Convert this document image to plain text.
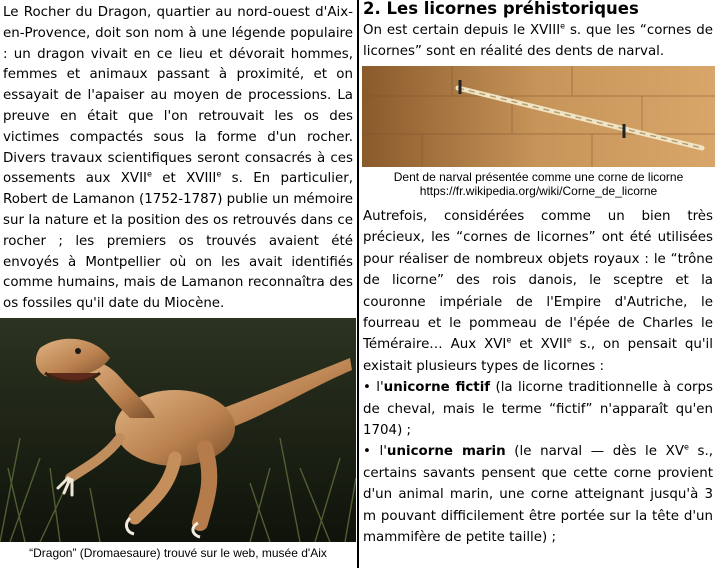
Le Rocher du Dragon, quartier au nord-ouest d'Aix-en-Provence, doit son nom à une légende populaire : un dragon vivait en ce lieu et dévorait hommes, femmes et animaux passant à proximité, et on essayait de l'apaiser au moyen de processions. La preuve en était que l'on retrouvait les os des victimes compactés sous la forme d'un rocher. Divers travaux scientifiques seront consacrés à ces ossements aux XVIIe et XVIIIe s. En particulier, Robert de Lamanon (1752-1787) publie un mémoire sur la nature et la position des os retrouvés dans ce rocher ; les premiers os trouvés avaient été envoyés à Montpellier où on les avait identifiés comme humains, mais de Lamanon reconnaîtra des os fossiles qu'il date du Miocène.

“Dragon” (Dromaesaure) trouvé sur le web, musée d'Aix

2. Les licornes préhistoriques

On est certain depuis le XVIIIe s. que les “cornes de licornes” sont en réalité des dents de narval.

Dent de narval présentée comme une corne de licorne
https://fr.wikipedia.org/wiki/Corne_de_licorne

Autrefois, considérées comme un bien très précieux, les “cornes de licornes” ont été utilisées pour réaliser de nombreux objets royaux : le “trône de licorne” des rois danois, le sceptre et la couronne impériale de l'Empire d'Autriche, le fourreau et le pommeau de l'épée de Charles le Téméraire… Aux XVIe et XVIIe s., on pensait qu'il existait plusieurs types de licornes :

• l'unicorne fictif (la licorne traditionnelle à corps de cheval, mais le terme “fictif” n'apparaît qu'en 1704) ;

• l'unicorne marin (le narval — dès le XVe s., certains savants pensent que cette corne provient d'un animal marin, une corne atteignant jusqu'à 3 m pouvant difficilement être portée sur la tête d'un mammifère de petite taille) ;
